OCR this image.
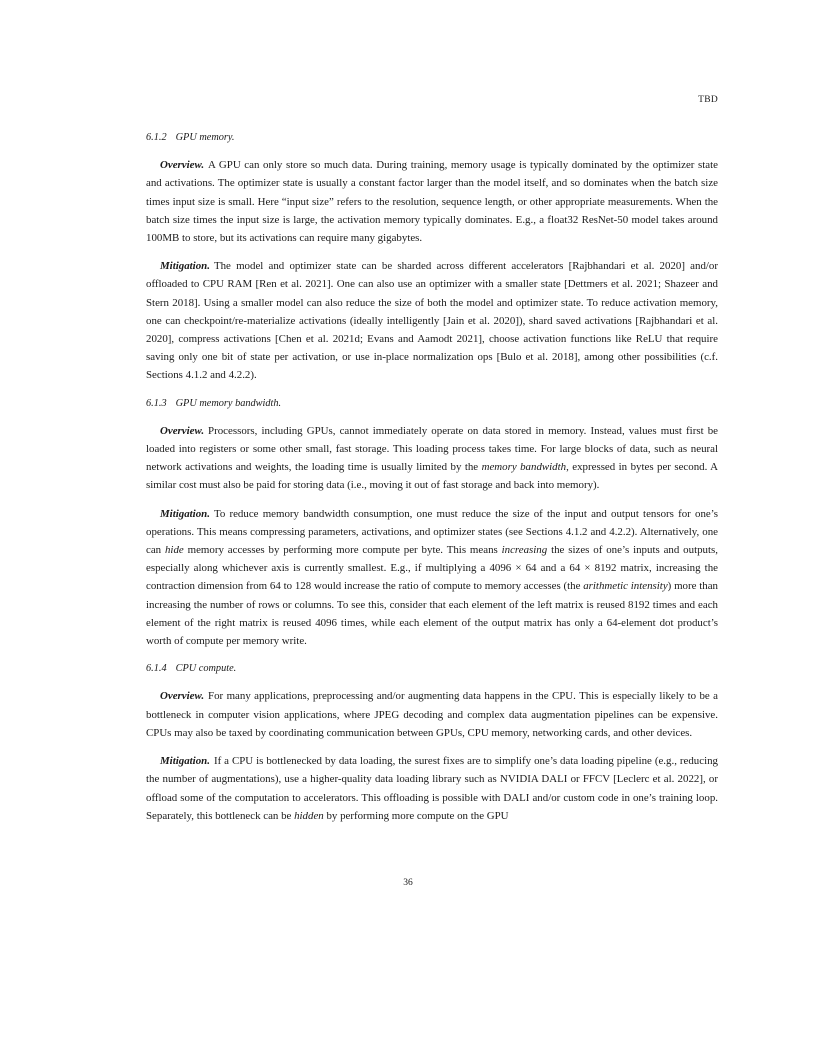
TBD
6.1.2 GPU memory.

Overview. A GPU can only store so much data. During training, memory usage is typically dominated by the optimizer state and activations. The optimizer state is usually a constant factor larger than the model itself, and so dominates when the batch size times input size is small. Here “input size” refers to the resolution, sequence length, or other appropriate measurements. When the batch size times the input size is large, the activation memory typically dominates. E.g., a float32 ResNet-50 model takes around 100MB to store, but its activations can require many gigabytes.

Mitigation. The model and optimizer state can be sharded across different accelerators [Rajbhandari et al. 2020] and/or offloaded to CPU RAM [Ren et al. 2021]. One can also use an optimizer with a smaller state [Dettmers et al. 2021; Shazeer and Stern 2018]. Using a smaller model can also reduce the size of both the model and optimizer state. To reduce activation memory, one can checkpoint/re-materialize activations (ideally intelligently [Jain et al. 2020]), shard saved activations [Rajbhandari et al. 2020], compress activations [Chen et al. 2021d; Evans and Aamodt 2021], choose activation functions like ReLU that require saving only one bit of state per activation, or use in-place normalization ops [Bulo et al. 2018], among other possibilities (c.f. Sections 4.1.2 and 4.2.2).

6.1.3 GPU memory bandwidth.

Overview. Processors, including GPUs, cannot immediately operate on data stored in memory. Instead, values must first be loaded into registers or some other small, fast storage. This loading process takes time. For large blocks of data, such as neural network activations and weights, the loading time is usually limited by the memory bandwidth, expressed in bytes per second. A similar cost must also be paid for storing data (i.e., moving it out of fast storage and back into memory).

Mitigation. To reduce memory bandwidth consumption, one must reduce the size of the input and output tensors for one’s operations. This means compressing parameters, activations, and optimizer states (see Sections 4.1.2 and 4.2.2). Alternatively, one can hide memory accesses by performing more compute per byte. This means increasing the sizes of one’s inputs and outputs, especially along whichever axis is currently smallest. E.g., if multiplying a 4096 × 64 and a 64 × 8192 matrix, increasing the contraction dimension from 64 to 128 would increase the ratio of compute to memory accesses (the arithmetic intensity) more than increasing the number of rows or columns. To see this, consider that each element of the left matrix is reused 8192 times and each element of the right matrix is reused 4096 times, while each element of the output matrix has only a 64-element dot product’s worth of compute per memory write.

6.1.4 CPU compute.

Overview. For many applications, preprocessing and/or augmenting data happens in the CPU. This is especially likely to be a bottleneck in computer vision applications, where JPEG decoding and complex data augmentation pipelines can be expensive. CPUs may also be taxed by coordinating communication between GPUs, CPU memory, networking cards, and other devices.

Mitigation. If a CPU is bottlenecked by data loading, the surest fixes are to simplify one’s data loading pipeline (e.g., reducing the number of augmentations), use a higher-quality data loading library such as NVIDIA DALI or FFCV [Leclerc et al. 2022], or offload some of the computation to accelerators. This offloading is possible with DALI and/or custom code in one’s training loop. Separately, this bottleneck can be hidden by performing more compute on the GPU

36
